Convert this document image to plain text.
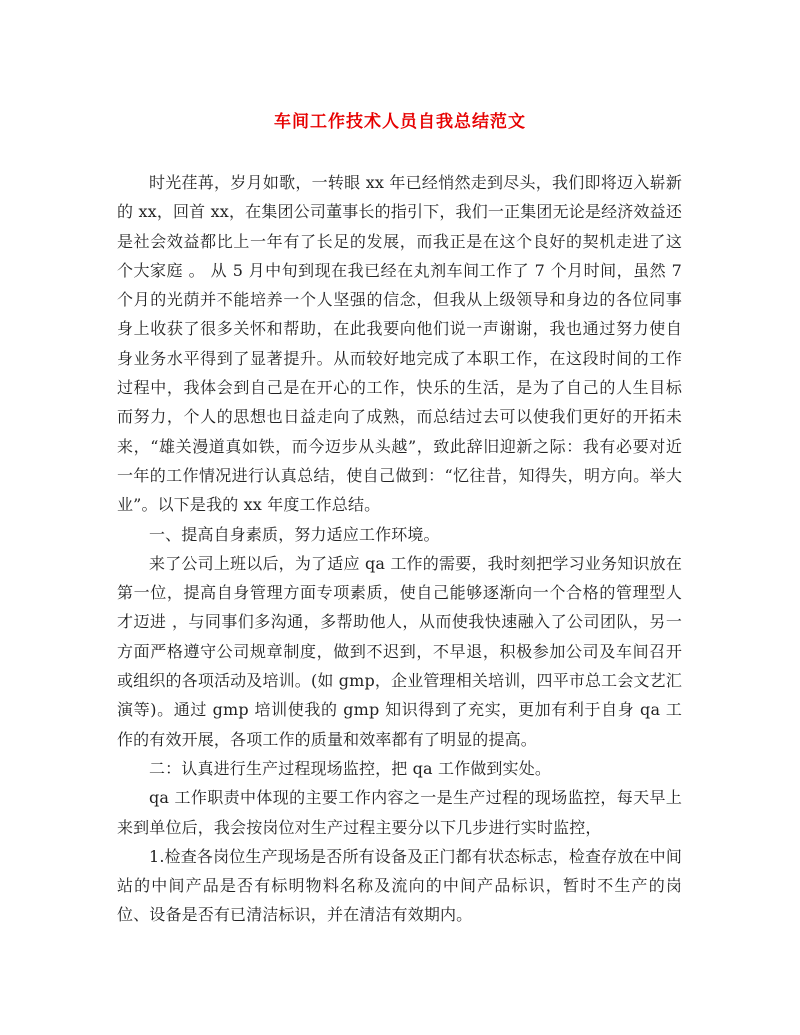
车间工作技术人员自我总结范文

时光荏苒，岁月如歌，一转眼 xx 年已经悄然走到尽头，我们即将迈入崭新的 xx，回首 xx，在集团公司董事长的指引下，我们一正集团无论是经济效益还是社会效益都比上一年有了长足的发展，而我正是在这个良好的契机走进了这个大家庭 。 从 5 月中旬到现在我已经在丸剂车间工作了 7 个月时间，虽然 7 个月的光荫并不能培养一个人坚强的信念，但我从上级领导和身边的各位同事身上收获了很多关怀和帮助，在此我要向他们说一声谢谢，我也通过努力使自身业务水平得到了显著提升。从而较好地完成了本职工作，在这段时间的工作过程中，我体会到自己是在开心的工作，快乐的生活，是为了自己的人生目标而努力，个人的思想也日益走向了成熟，而总结过去可以使我们更好的开拓未来，“雄关漫道真如铁，而今迈步从头越”，致此辞旧迎新之际：我有必要对近一年的工作情况进行认真总结，使自己做到：“忆往昔，知得失，明方向。举大业”。以下是我的 xx 年度工作总结。

一、提高自身素质，努力适应工作环境。

来了公司上班以后，为了适应 qa 工作的需要，我时刻把学习业务知识放在第一位，提高自身管理方面专项素质，使自己能够逐渐向一个合格的管理型人才迈进 ，与同事们多沟通，多帮助他人，从而使我快速融入了公司团队，另一方面严格遵守公司规章制度，做到不迟到，不早退，积极参加公司及车间召开或组织的各项活动及培训。(如 gmp，企业管理相关培训，四平市总工会文艺汇演等)。通过 gmp 培训使我的 gmp 知识得到了充实，更加有利于自身 qa 工作的有效开展，各项工作的质量和效率都有了明显的提高。

二：认真进行生产过程现场监控，把 qa 工作做到实处。

qa 工作职责中体现的主要工作内容之一是生产过程的现场监控，每天早上来到单位后，我会按岗位对生产过程主要分以下几步进行实时监控，

1.检查各岗位生产现场是否所有设备及正门都有状态标志，检查存放在中间站的中间产品是否有标明物料名称及流向的中间产品标识，暂时不生产的岗位、设备是否有已清洁标识，并在清洁有效期内。
